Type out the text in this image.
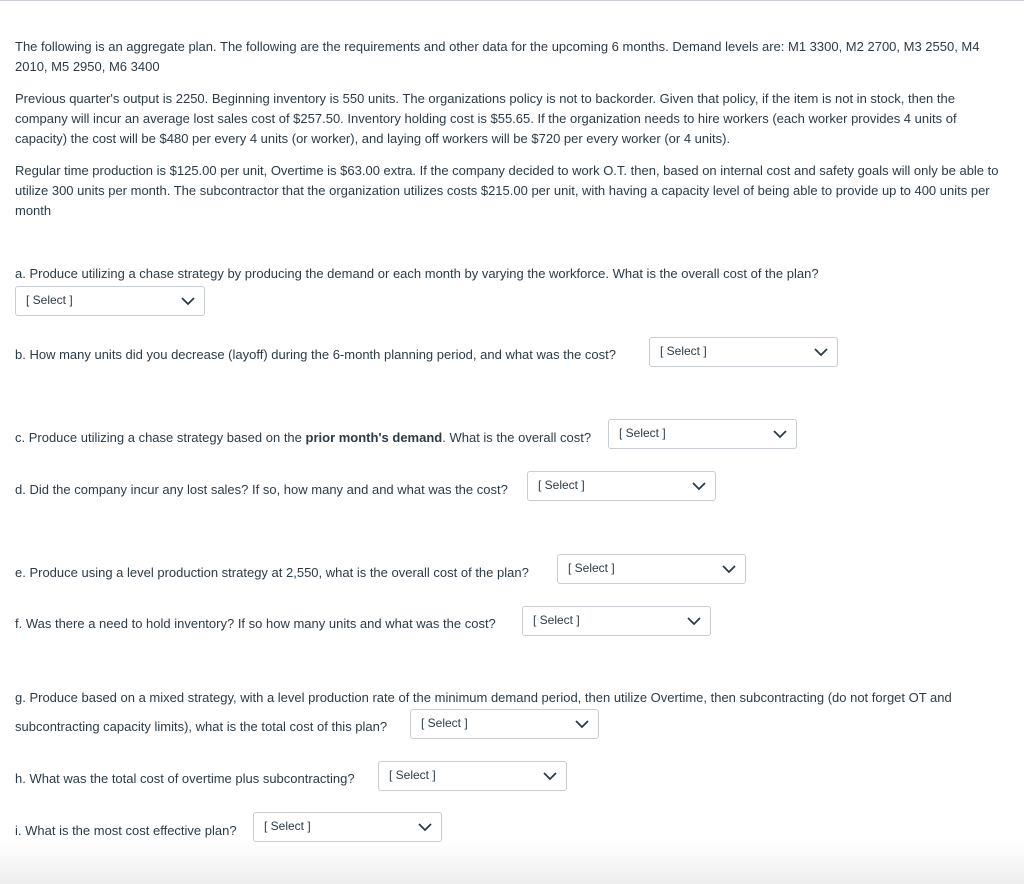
The following is an aggregate plan. The following are the requirements and other data for the upcoming 6 months. Demand levels are: M1 3300, M2 2700, M3 2550, M4 2010, M5 2950, M6 3400

Previous quarter's output is 2250. Beginning inventory is 550 units. The organizations policy is not to backorder. Given that policy, if the item is not in stock, then the company will incur an average lost sales cost of $257.50. Inventory holding cost is $55.65. If the organization needs to hire workers (each worker provides 4 units of capacity) the cost will be $480 per every 4 units (or worker), and laying off workers will be $720 per every worker (or 4 units).

Regular time production is $125.00 per unit, Overtime is $63.00 extra. If the company decided to work O.T. then, based on internal cost and safety goals will only be able to utilize 300 units per month. The subcontractor that the organization utilizes costs $215.00 per unit, with having a capacity level of being able to provide up to 400 units per month

a. Produce utilizing a chase strategy by producing the demand or each month by varying the workforce. What is the overall cost of the plan?

[ Select ]

b. How many units did you decrease (layoff) during the 6-month planning period, and what was the cost?	[ Select ]

c. Produce utilizing a chase strategy based on the prior month's demand. What is the overall cost? [ Select ]

d. Did the company incur any lost sales? If so, how many and and what was the cost?	[ Select ]

e. Produce using a level production strategy at 2,550, what is the overall cost of the plan?	[ Select ]

f. Was there a need to hold inventory? If so how many units and what was the cost?	[ Select ]

g. Produce based on a mixed strategy, with a level production rate of the minimum demand period, then utilize Overtime, then subcontracting (do not forget OT and

subcontracting capacity limits), what is the total cost of this plan?	[ Select ]

h. What was the total cost of overtime plus subcontracting?	[ Select ]

i. What is the most cost effective plan? [ Select ]
